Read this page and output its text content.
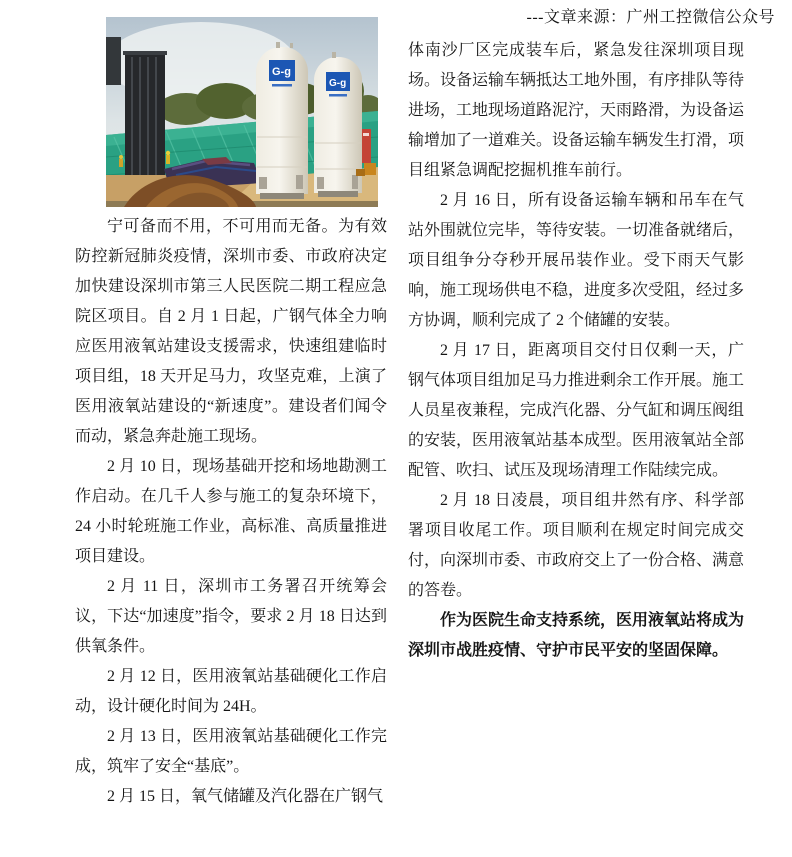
---文章来源：广州工控微信公众号
G-g
G-g

宁可备而不用，不可用而无备。为有效防控新冠肺炎疫情，深圳市委、市政府决定加快建设深圳市第三人民医院二期工程应急院区项目。自 2 月 1 日起，广钢气体全力响应医用液氧站建设支援需求，快速组建临时项目组，18 天开足马力，攻坚克难，上演了医用液氧站建设的“新速度”。建设者们闻令而动，紧急奔赴施工现场。

2 月 10 日，现场基础开挖和场地勘测工作启动。在几千人参与施工的复杂环境下，24 小时轮班施工作业，高标准、高质量推进项目建设。

2 月 11 日，深圳市工务署召开统筹会议，下达“加速度”指令，要求 2 月 18 日达到供氧条件。

2 月 12 日，医用液氧站基础硬化工作启动，设计硬化时间为 24H。

2 月 13 日，医用液氧站基础硬化工作完成，筑牢了安全“基底”。

2 月 15 日，氧气储罐及汽化器在广钢气

体南沙厂区完成装车后，紧急发往深圳项目现场。设备运输车辆抵达工地外围，有序排队等待进场，工地现场道路泥泞，天雨路滑，为设备运输增加了一道难关。设备运输车辆发生打滑，项目组紧急调配挖掘机推车前行。

2 月 16 日，所有设备运输车辆和吊车在气站外围就位完毕，等待安装。一切准备就绪后，项目组争分夺秒开展吊装作业。受下雨天气影响，施工现场供电不稳，进度多次受阻，经过多方协调，顺利完成了 2 个储罐的安装。

2 月 17 日，距离项目交付日仅剩一天，广钢气体项目组加足马力推进剩余工作开展。施工人员星夜兼程，完成汽化器、分气缸和调压阀组的安装，医用液氧站基本成型。医用液氧站全部配管、吹扫、试压及现场清理工作陆续完成。

2 月 18 日凌晨，项目组井然有序、科学部署项目收尾工作。项目顺利在规定时间完成交付，向深圳市委、市政府交上了一份合格、满意的答卷。

作为医院生命支持系统，医用液氧站将成为深圳市战胜疫情、守护市民平安的坚固保障。
